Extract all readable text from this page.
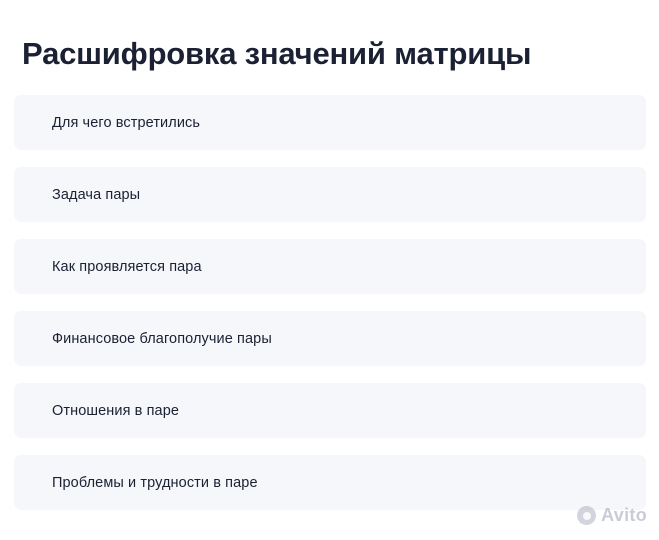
Расшифровка значений матрицы
Для чего встретились
Задача пары
Как проявляется пара
Финансовое благополучие пары
Отношения в паре
Проблемы и трудности в паре
Avito
